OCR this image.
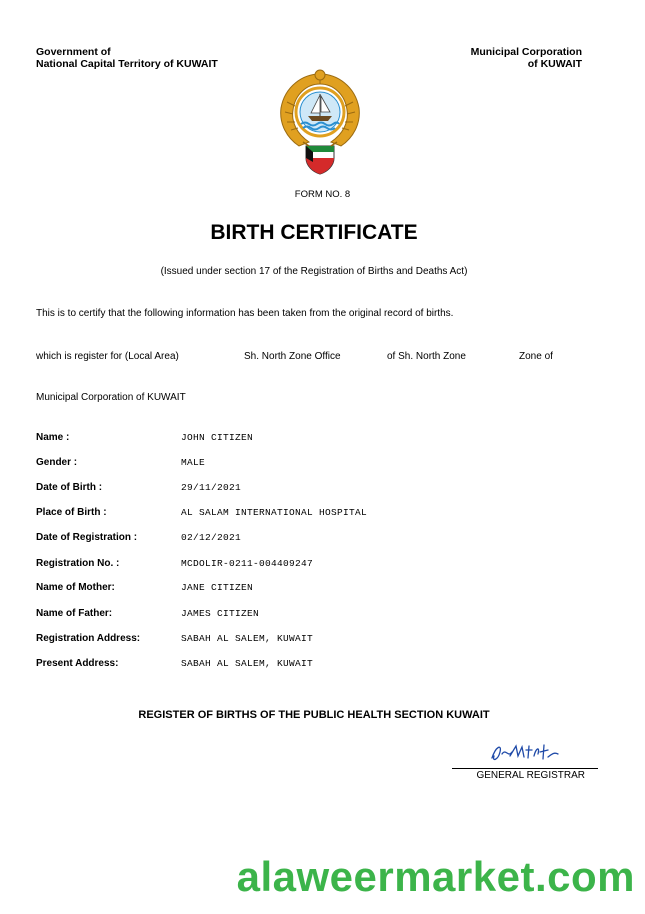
Government of
National Capital Territory of KUWAIT
Municipal Corporation
of KUWAIT
FORM NO. 8
BIRTH CERTIFICATE
(Issued under section 17 of the Registration of Births and Deaths Act)
This is to certify that the following information has been taken from the original record of births.
which is register for (Local Area)	Sh. North Zone Office	of Sh. North Zone	Zone of
Municipal Corporation of KUWAIT
Name :	JOHN CITIZEN
Gender :	MALE
Date of Birth :	29/11/2021
Place of Birth :	AL SALAM INTERNATIONAL HOSPITAL
Date of Registration :	02/12/2021
Registration No. :	MCDOLIR-0211-004409247
Name of Mother:	JANE CITIZEN
Name of Father:	JAMES CITIZEN
Registration Address:	SABAH AL SALEM, KUWAIT
Present Address:	SABAH AL SALEM, KUWAIT
REGISTER OF BIRTHS OF THE PUBLIC HEALTH SECTION KUWAIT
GENERAL REGISTRAR
alaweermarket.com
